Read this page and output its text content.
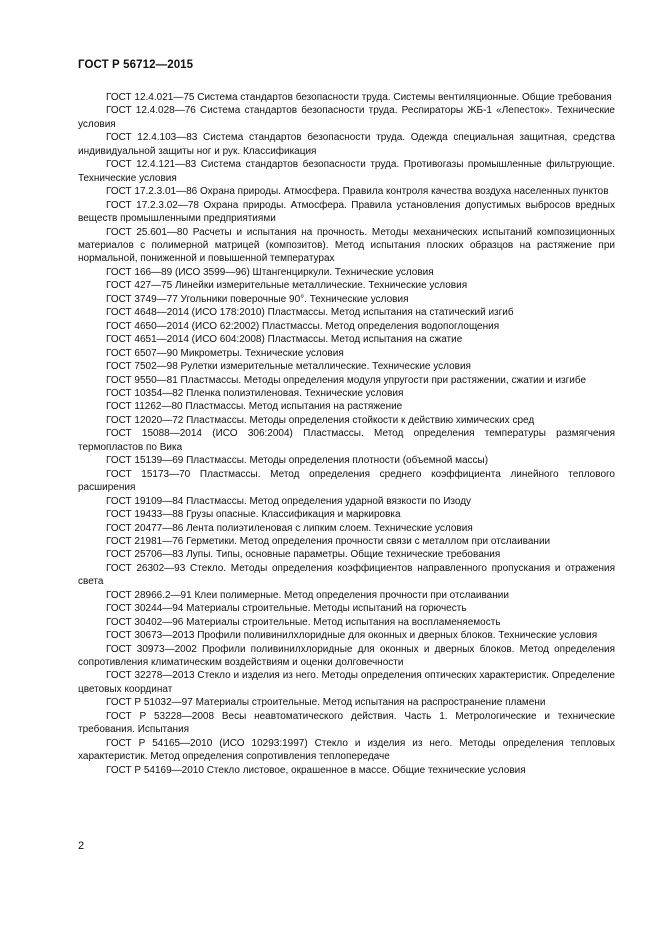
ГОСТ Р 56712—2015

ГОСТ 12.4.021—75 Система стандартов безопасности труда. Системы вентиляционные. Общие требования

ГОСТ 12.4.028—76 Система стандартов безопасности труда. Респираторы ЖБ-1 «Лепесток». Технические условия

ГОСТ 12.4.103—83 Система стандартов безопасности труда. Одежда специальная защитная, средства индивидуальной защиты ног и рук. Классификация

ГОСТ 12.4.121—83 Система стандартов безопасности труда. Противогазы промышленные фильтрующие. Технические условия

ГОСТ 17.2.3.01—86 Охрана природы. Атмосфера. Правила контроля качества воздуха населенных пунктов

ГОСТ 17.2.3.02—78 Охрана природы. Атмосфера. Правила установления допустимых выбросов вредных веществ промышленными предприятиями

ГОСТ 25.601—80 Расчеты и испытания на прочность. Методы механических испытаний композиционных материалов с полимерной матрицей (композитов). Метод испытания плоских образцов на растяжение при нормальной, пониженной и повышенной температурах

ГОСТ 166—89 (ИСО 3599—96) Штангенциркули. Технические условия

ГОСТ 427—75 Линейки измерительные металлические. Технические условия

ГОСТ 3749—77 Угольники поверочные 90°. Технические условия

ГОСТ 4648—2014 (ИСО 178:2010) Пластмассы. Метод испытания на статический изгиб

ГОСТ 4650—2014 (ИСО 62:2002) Пластмассы. Метод определения водопоглощения

ГОСТ 4651—2014 (ИСО 604:2008) Пластмассы. Метод испытания на сжатие

ГОСТ 6507—90 Микрометры. Технические условия

ГОСТ 7502—98 Рулетки измерительные металлические. Технические условия

ГОСТ 9550—81 Пластмассы. Методы определения модуля упругости при растяжении, сжатии и изгибе

ГОСТ 10354—82 Пленка полиэтиленовая. Технические условия

ГОСТ 11262—80 Пластмассы. Метод испытания на растяжение

ГОСТ 12020—72 Пластмассы. Методы определения стойкости к действию химических сред

ГОСТ 15088—2014 (ИСО 306:2004) Пластмассы. Метод определения температуры размягчения термопластов по Вика

ГОСТ 15139—69 Пластмассы. Методы определения плотности (объемной массы)

ГОСТ 15173—70 Пластмассы. Метод определения среднего коэффициента линейного теплового расширения

ГОСТ 19109—84 Пластмассы. Метод определения ударной вязкости по Изоду

ГОСТ 19433—88 Грузы опасные. Классификация и маркировка

ГОСТ 20477—86 Лента полиэтиленовая с липким слоем. Технические условия

ГОСТ 21981—76 Герметики. Метод определения прочности связи с металлом при отслаивании

ГОСТ 25706—83 Лупы. Типы, основные параметры. Общие технические требования

ГОСТ 26302—93 Стекло. Методы определения коэффициентов направленного пропускания и отражения света

ГОСТ 28966.2—91 Клеи полимерные. Метод определения прочности при отслаивании

ГОСТ 30244—94 Материалы строительные. Методы испытаний на горючесть

ГОСТ 30402—96 Материалы строительные. Метод испытания на воспламеняемость

ГОСТ 30673—2013 Профили поливинилхлоридные для оконных и дверных блоков. Технические условия

ГОСТ 30973—2002 Профили поливинилхлоридные для оконных и дверных блоков. Метод определения сопротивления климатическим воздействиям и оценки долговечности

ГОСТ 32278—2013 Стекло и изделия из него. Методы определения оптических характеристик. Определение цветовых координат

ГОСТ Р 51032—97 Материалы строительные. Метод испытания на распространение пламени

ГОСТ Р 53228—2008 Весы неавтоматического действия. Часть 1. Метрологические и технические требования. Испытания

ГОСТ Р 54165—2010 (ИСО 10293:1997) Стекло и изделия из него. Методы определения тепловых характеристик. Метод определения сопротивления теплопередаче

ГОСТ Р 54169—2010 Стекло листовое, окрашенное в массе. Общие технические условия

2
